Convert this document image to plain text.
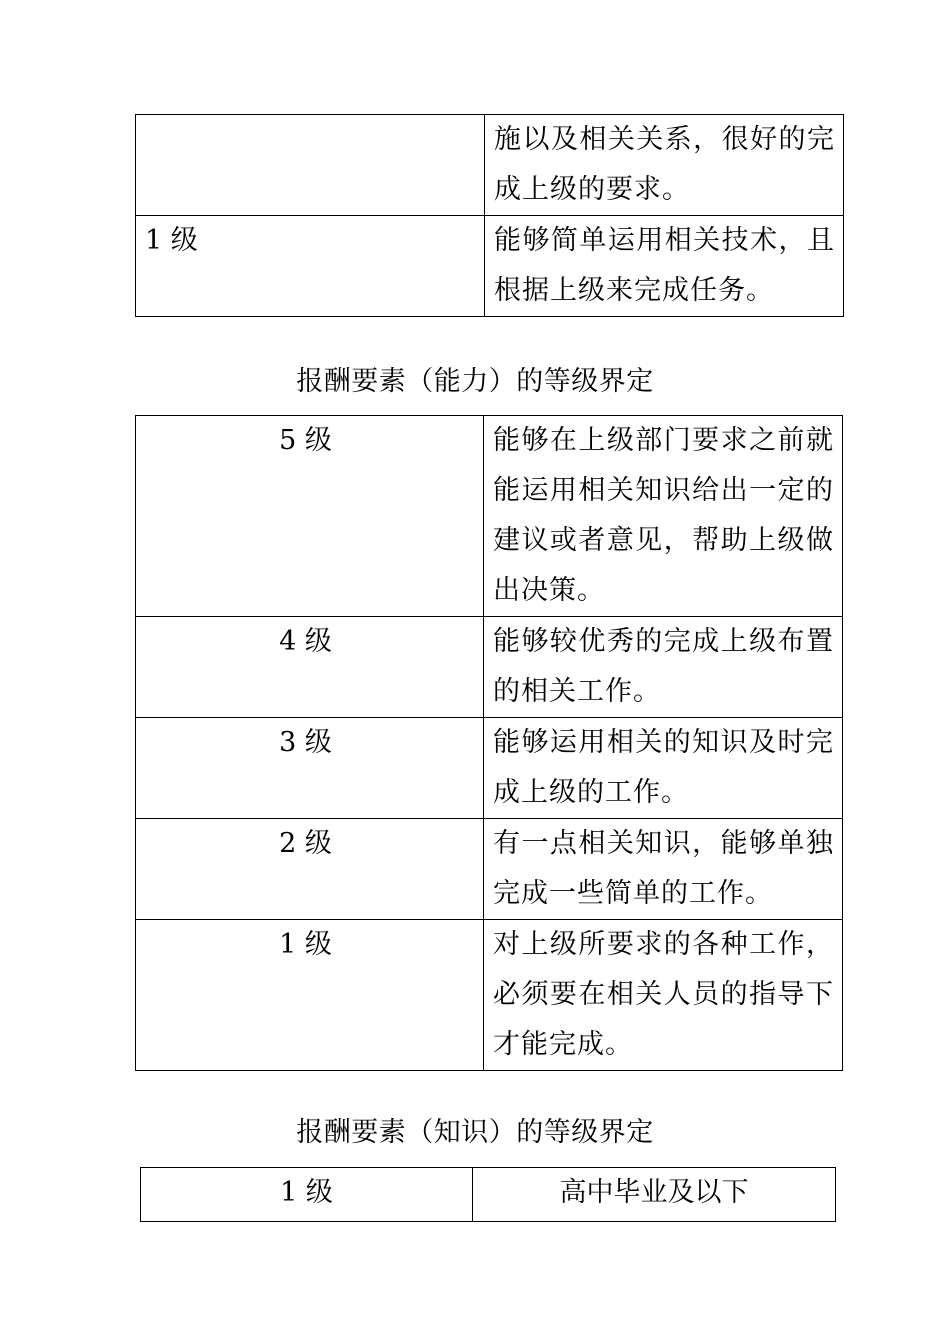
	施以及相关关系，很好的完成上级的要求。
1 级	能够简单运用相关技术，且根据上级来完成任务。
报酬要素（能力）的等级界定
5 级	能够在上级部门要求之前就能运用相关知识给出一定的建议或者意见，帮助上级做出决策。
4 级	能够较优秀的完成上级布置的相关工作。
3 级	能够运用相关的知识及时完成上级的工作。
2 级	有一点相关知识，能够单独完成一些简单的工作。
1 级	对上级所要求的各种工作，必须要在相关人员的指导下才能完成。
报酬要素（知识）的等级界定
1 级	高中毕业及以下
